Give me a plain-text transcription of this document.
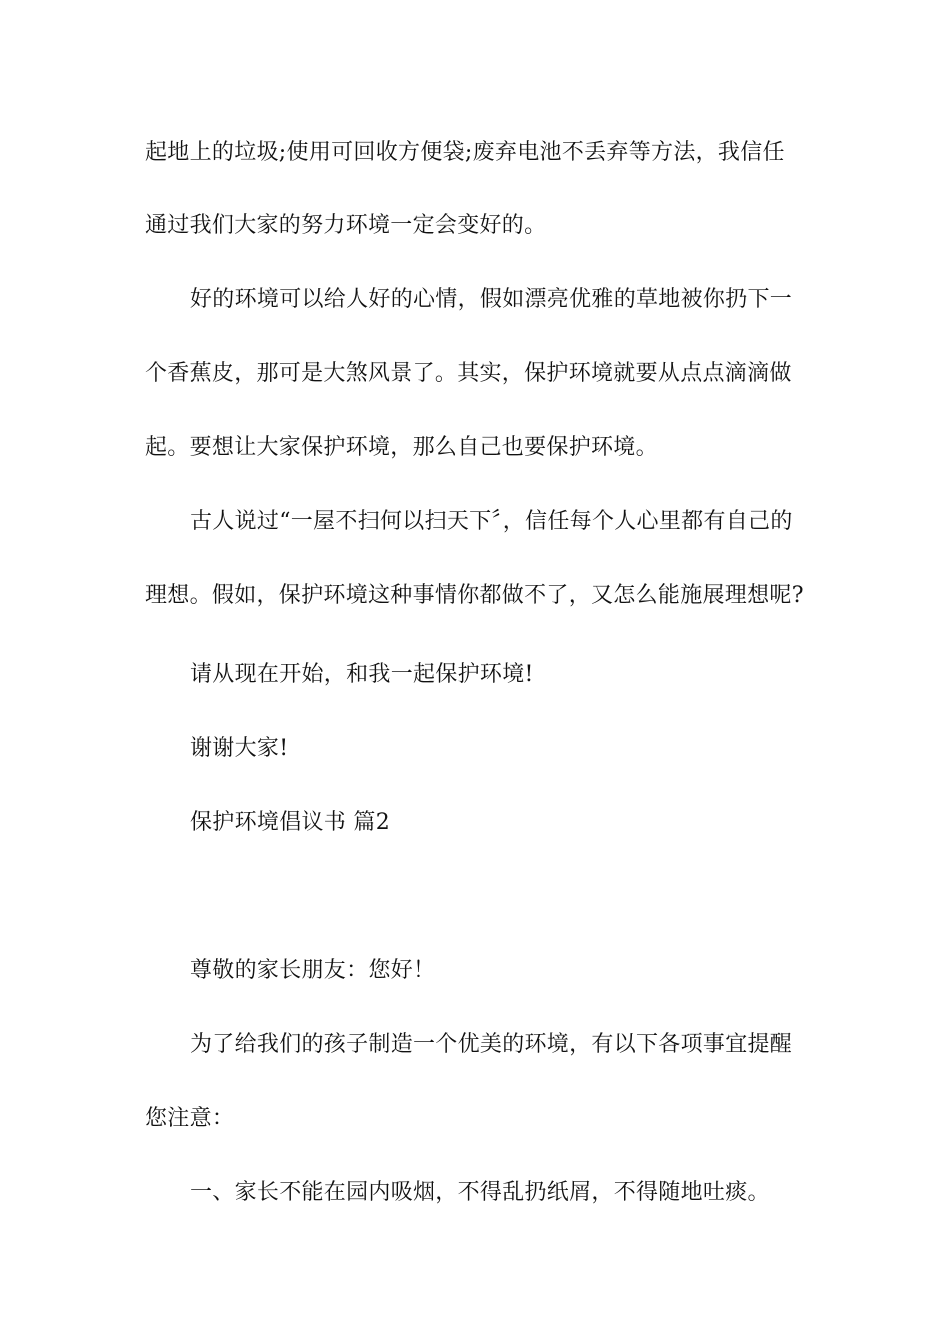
起地上的垃圾;使用可回收方便袋;废弃电池不丢弃等方法，我信任
通过我们大家的努力环境一定会变好的。
好的环境可以给人好的心情，假如漂亮优雅的草地被你扔下一
个香蕉皮，那可是大煞风景了。其实，保护环境就要从点点滴滴做
起。要想让大家保护环境，那么自己也要保护环境。
古人说过“一屋不扫何以扫天下〞，信任每个人心里都有自己的
理想。假如，保护环境这种事情你都做不了，又怎么能施展理想呢?
请从现在开始，和我一起保护环境!
谢谢大家!
保护环境倡议书 篇2
尊敬的家长朋友：您好！
为了给我们的孩子制造一个优美的环境，有以下各项事宜提醒
您注意：
一、家长不能在园内吸烟，不得乱扔纸屑，不得随地吐痰。
